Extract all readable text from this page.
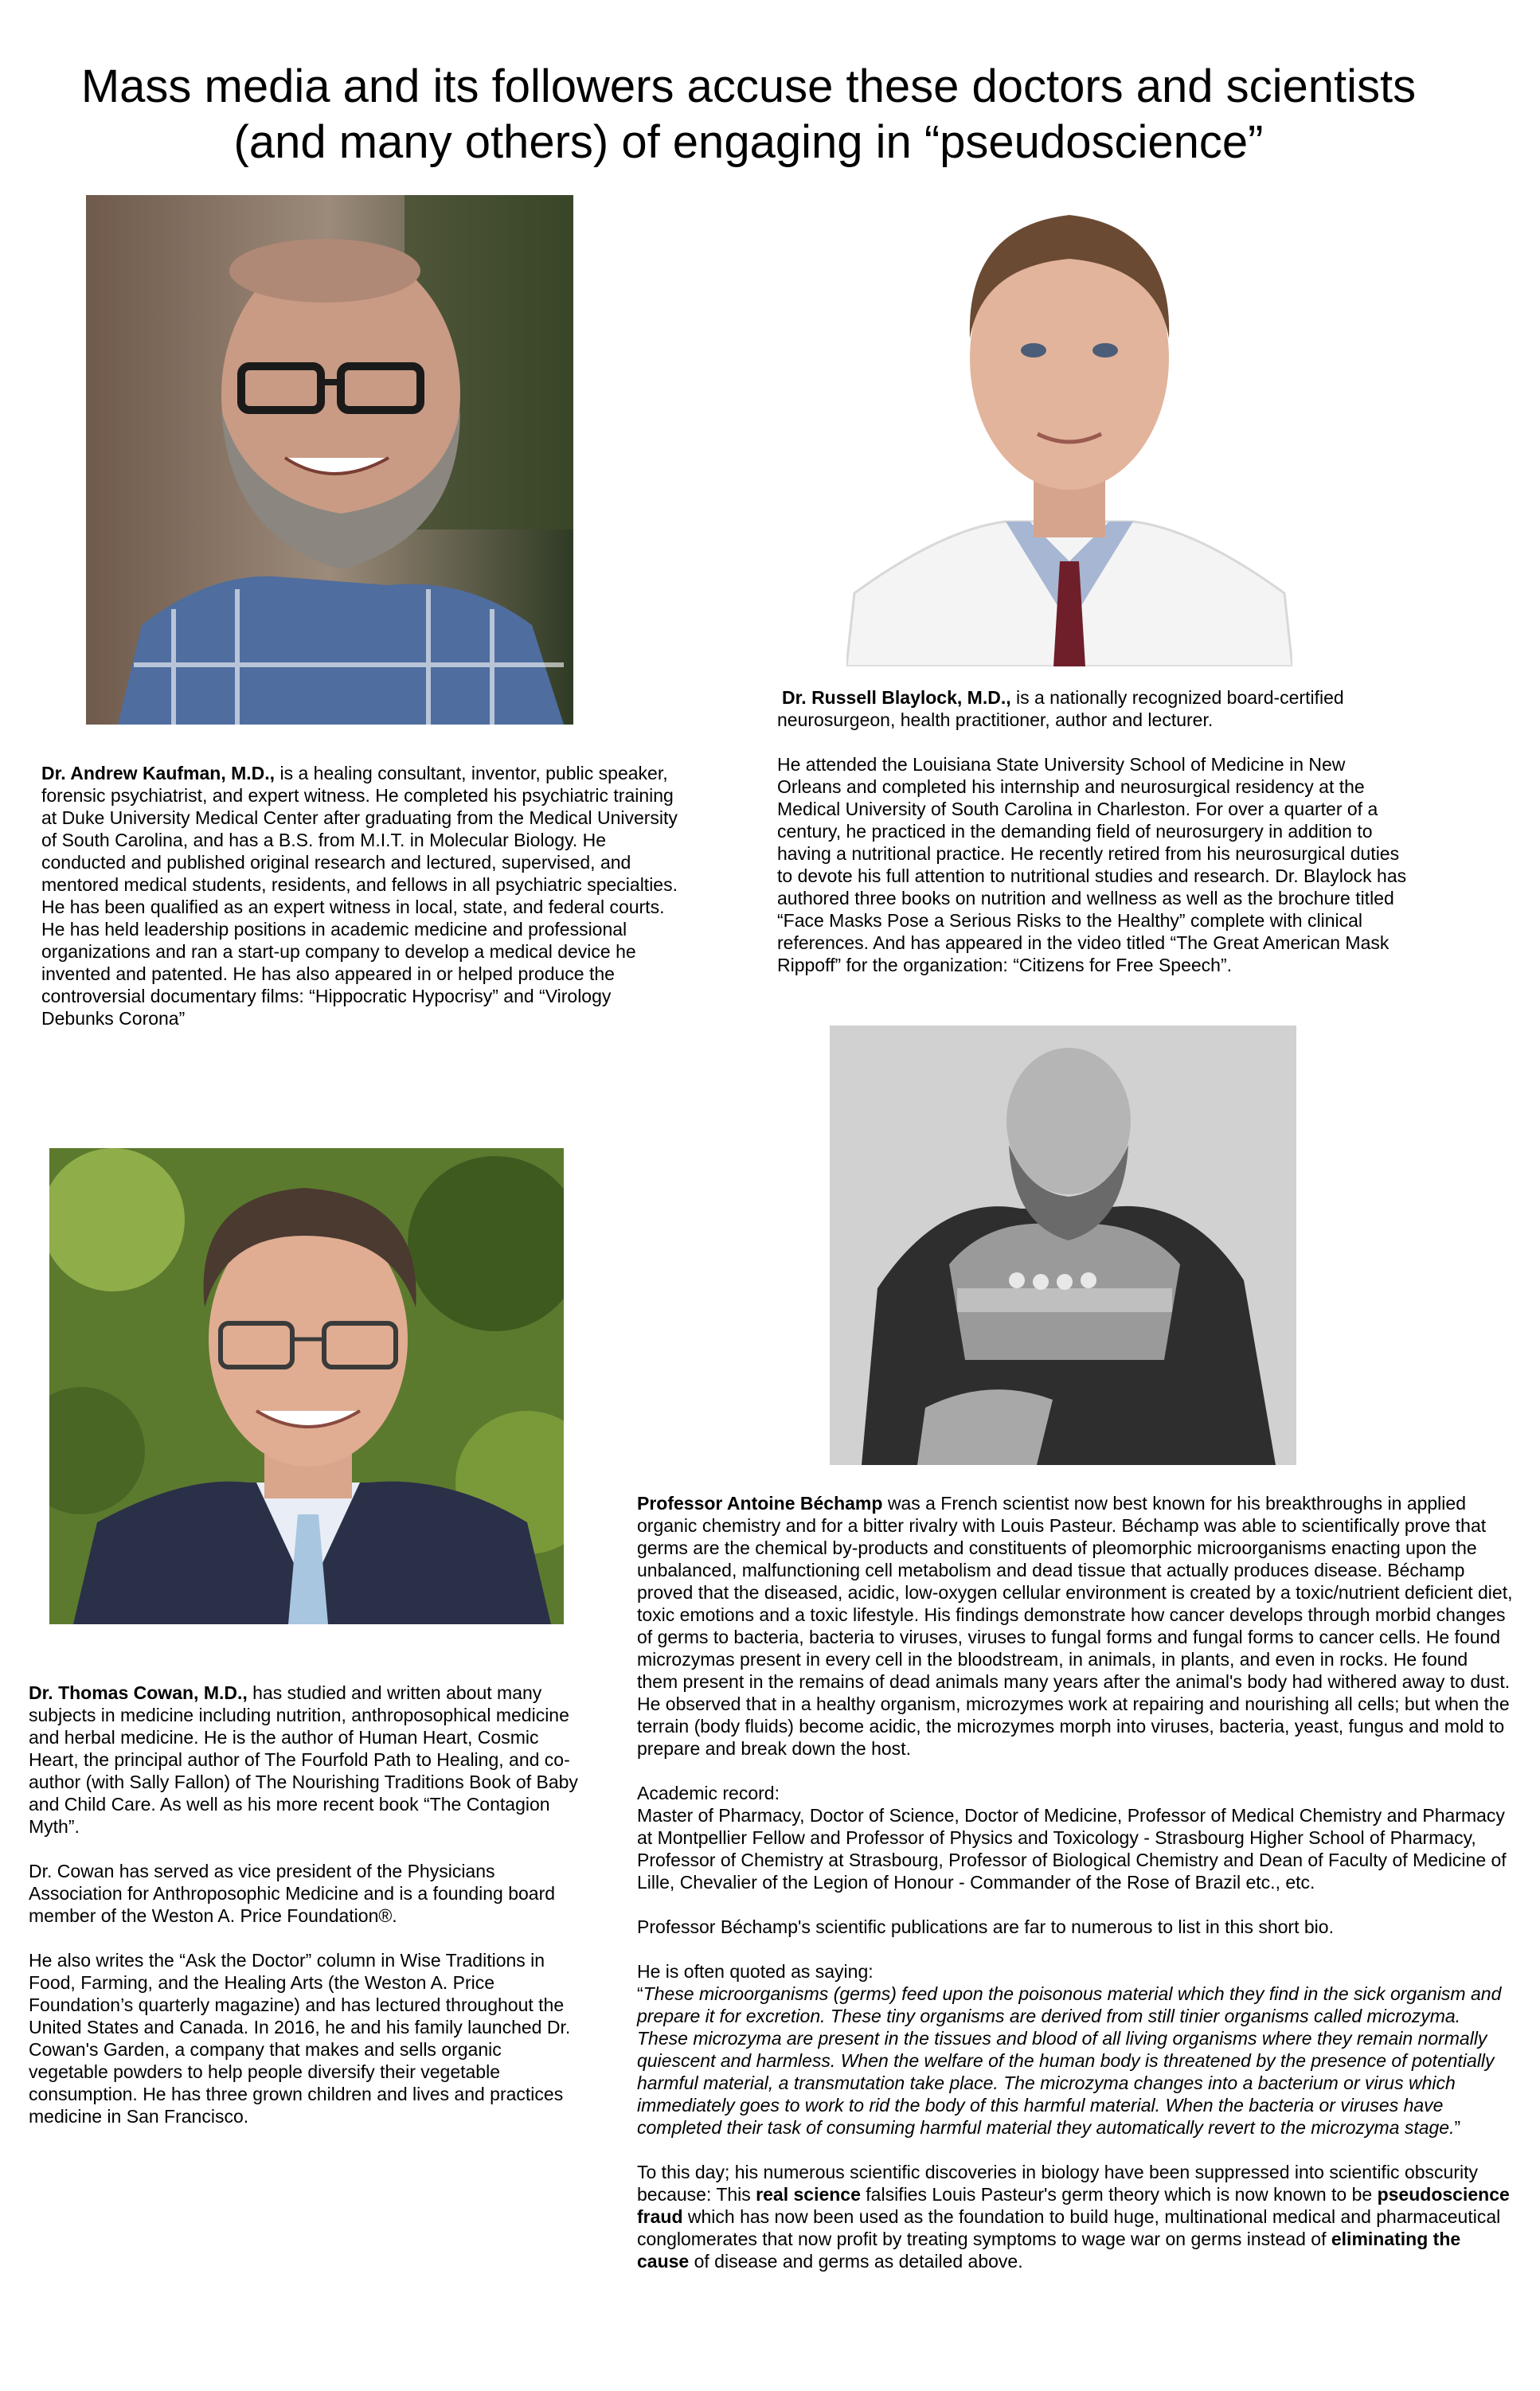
Mass media and its followers accuse these doctors and scientists
(and many others) of engaging in “pseudoscience”

Dr. Andrew Kaufman, M.D., is a healing consultant, inventor, public speaker, forensic psychiatrist, and expert witness. He completed his psychiatric training at Duke University Medical Center after graduating from the Medical University of South Carolina, and has a B.S. from M.I.T. in Molecular Biology. He conducted and published original research and lectured, supervised, and mentored medical students, residents, and fellows in all psychiatric specialties. He has been qualified as an expert witness in local, state, and federal courts. He has held leadership positions in academic medicine and professional organizations and ran a start-up company to develop a medical device he invented and patented. He has also appeared in or helped produce the controversial documentary films: “Hippocratic Hypocrisy” and “Virology Debunks Corona”

Dr. Russell Blaylock, M.D., is a nationally recognized board-certified neurosurgeon, health practitioner, author and lecturer.

He attended the Louisiana State University School of Medicine in New Orleans and completed his internship and neurosurgical residency at the Medical University of South Carolina in Charleston. For over a quarter of a century, he practiced in the demanding field of neurosurgery in addition to having a nutritional practice. He recently retired from his neurosurgical duties to devote his full attention to nutritional studies and research. Dr. Blaylock has authored three books on nutrition and wellness as well as the brochure titled “Face Masks Pose a Serious Risks to the Healthy” complete with clinical references. And has appeared in the video titled “The Great American Mask Rippoff” for the organization: “Citizens for Free Speech”.

Professor Antoine Béchamp was a French scientist now best known for his breakthroughs in applied organic chemistry and for a bitter rivalry with Louis Pasteur. Béchamp was able to scientifically prove that germs are the chemical by-products and constituents of pleomorphic microorganisms enacting upon the unbalanced, malfunctioning cell metabolism and dead tissue that actually produces disease. Béchamp proved that the diseased, acidic, low-oxygen cellular environment is created by a toxic/nutrient deficient diet, toxic emotions and a toxic lifestyle. His findings demonstrate how cancer develops through morbid changes of germs to bacteria, bacteria to viruses, viruses to fungal forms and fungal forms to cancer cells. He found microzymas present in every cell in the bloodstream, in animals, in plants, and even in rocks. He found them present in the remains of dead animals many years after the animal's body had withered away to dust. He observed that in a healthy organism, microzymes work at repairing and nourishing all cells; but when the terrain (body fluids) become acidic, the microzymes morph into viruses, bacteria, yeast, fungus and mold to prepare and break down the host.

Academic record:
Master of Pharmacy, Doctor of Science, Doctor of Medicine, Professor of Medical Chemistry and Pharmacy at Montpellier Fellow and Professor of Physics and Toxicology - Strasbourg Higher School of Pharmacy, Professor of Chemistry at Strasbourg, Professor of Biological Chemistry and Dean of Faculty of Medicine of Lille, Chevalier of the Legion of Honour - Commander of the Rose of Brazil etc., etc.

Professor Béchamp's scientific publications are far to numerous to list in this short bio.

He is often quoted as saying:
“These microorganisms (germs) feed upon the poisonous material which they find in the sick organism and prepare it for excretion. These tiny organisms are derived from still tinier organisms called microzyma. These microzyma are present in the tissues and blood of all living organisms where they remain normally quiescent and harmless. When the welfare of the human body is threatened by the presence of potentially harmful material, a transmutation take place. The microzyma changes into a bacterium or virus which immediately goes to work to rid the body of this harmful material. When the bacteria or viruses have completed their task of consuming harmful material they automatically revert to the microzyma stage.”

To this day; his numerous scientific discoveries in biology have been suppressed into scientific obscurity because: This real science falsifies Louis Pasteur's germ theory which is now known to be pseudoscience fraud which has now been used as the foundation to build huge, multinational medical and pharmaceutical conglomerates that now profit by treating symptoms to wage war on germs instead of eliminating the cause of disease and germs as detailed above.

Dr. Thomas Cowan, M.D., has studied and written about many subjects in medicine including nutrition, anthroposophical medicine and herbal medicine. He is the author of Human Heart, Cosmic Heart, the principal author of The Fourfold Path to Healing, and co-author (with Sally Fallon) of The Nourishing Traditions Book of Baby and Child Care. As well as his more recent book “The Contagion Myth”.

Dr. Cowan has served as vice president of the Physicians Association for Anthroposophic Medicine and is a founding board member of the Weston A. Price Foundation®.

He also writes the “Ask the Doctor” column in Wise Traditions in Food, Farming, and the Healing Arts (the Weston A. Price Foundation’s quarterly magazine) and has lectured throughout the United States and Canada. In 2016, he and his family launched Dr. Cowan's Garden, a company that makes and sells organic vegetable powders to help people diversify their vegetable consumption. He has three grown children and lives and practices medicine in San Francisco.
